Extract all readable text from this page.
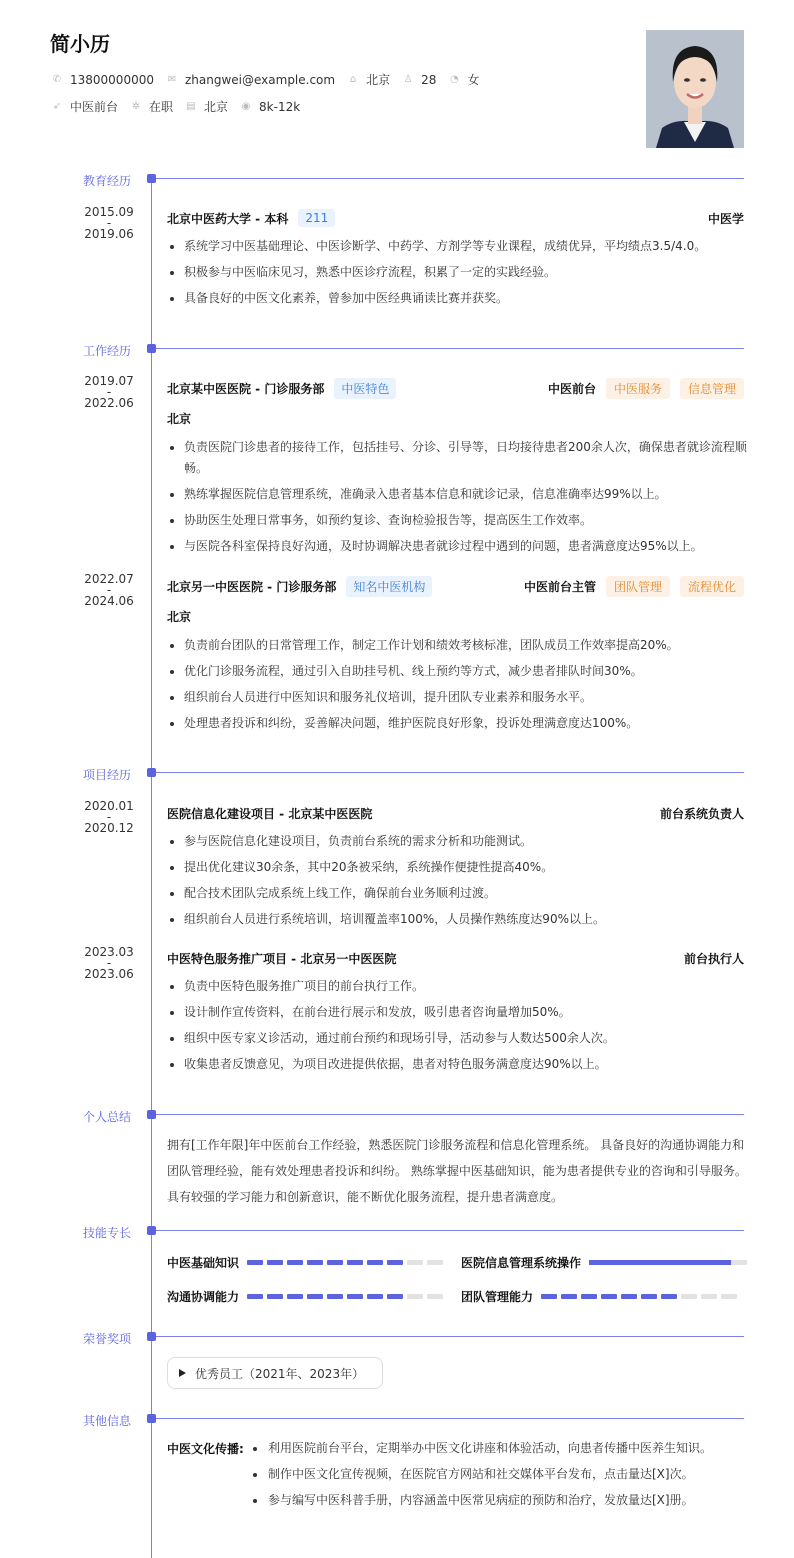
简小历
✆ 13800000000 ✉ zhangwei@example.com ⌂ 北京 ♙ 28 ◔ 女
➶ 中医前台 ✲ 在职 ▤ 北京 ◉ 8k-12k
教育经历
2015.09
-
2019.06
北京中医药大学 - 本科	211	中医学
系统学习中医基础理论、中医诊断学、中药学、方剂学等专业课程，成绩优异，平均绩点3.5/4.0。
积极参与中医临床见习，熟悉中医诊疗流程，积累了一定的实践经验。
具备良好的中医文化素养，曾参加中医经典诵读比赛并获奖。
工作经历
2019.07
-
2022.06
北京某中医医院 - 门诊服务部	中医特色	中医前台	中医服务	信息管理
北京
负责医院门诊患者的接待工作，包括挂号、分诊、引导等，日均接待患者200余人次，确保患者就诊流程顺畅。
熟练掌握医院信息管理系统，准确录入患者基本信息和就诊记录，信息准确率达99%以上。
协助医生处理日常事务，如预约复诊、查询检验报告等，提高医生工作效率。
与医院各科室保持良好沟通，及时协调解决患者就诊过程中遇到的问题，患者满意度达95%以上。
2022.07
-
2024.06
北京另一中医医院 - 门诊服务部	知名中医机构	中医前台主管	团队管理	流程优化
北京
负责前台团队的日常管理工作，制定工作计划和绩效考核标准，团队成员工作效率提高20%。
优化门诊服务流程，通过引入自助挂号机、线上预约等方式，减少患者排队时间30%。
组织前台人员进行中医知识和服务礼仪培训，提升团队专业素养和服务水平。
处理患者投诉和纠纷，妥善解决问题，维护医院良好形象，投诉处理满意度达100%。
项目经历
2020.01
-
2020.12
医院信息化建设项目 - 北京某中医医院	前台系统负责人
参与医院信息化建设项目，负责前台系统的需求分析和功能测试。
提出优化建议30余条，其中20条被采纳，系统操作便捷性提高40%。
配合技术团队完成系统上线工作，确保前台业务顺利过渡。
组织前台人员进行系统培训，培训覆盖率100%，人员操作熟练度达90%以上。
2023.03
-
2023.06
中医特色服务推广项目 - 北京另一中医医院	前台执行人
负责中医特色服务推广项目的前台执行工作。
设计制作宣传资料，在前台进行展示和发放，吸引患者咨询量增加50%。
组织中医专家义诊活动，通过前台预约和现场引导，活动参与人数达500余人次。
收集患者反馈意见，为项目改进提供依据，患者对特色服务满意度达90%以上。
个人总结
拥有[工作年限]年中医前台工作经验，熟悉医院门诊服务流程和信息化管理系统。 具备良好的沟通协调能力和团队管理经验，能有效处理患者投诉和纠纷。 熟练掌握中医基础知识，能为患者提供专业的咨询和引导服务。 具有较强的学习能力和创新意识，能不断优化服务流程，提升患者满意度。
技能专长
中医基础知识	医院信息管理系统操作
沟通协调能力	团队管理能力
荣誉奖项
优秀员工（2021年、2023年）
其他信息
中医文化传播:	利用医院前台平台，定期举办中医文化讲座和体验活动，向患者传播中医养生知识。
制作中医文化宣传视频，在医院官方网站和社交媒体平台发布，点击量达[X]次。
参与编写中医科普手册，内容涵盖中医常见病症的预防和治疗，发放量达[X]册。
